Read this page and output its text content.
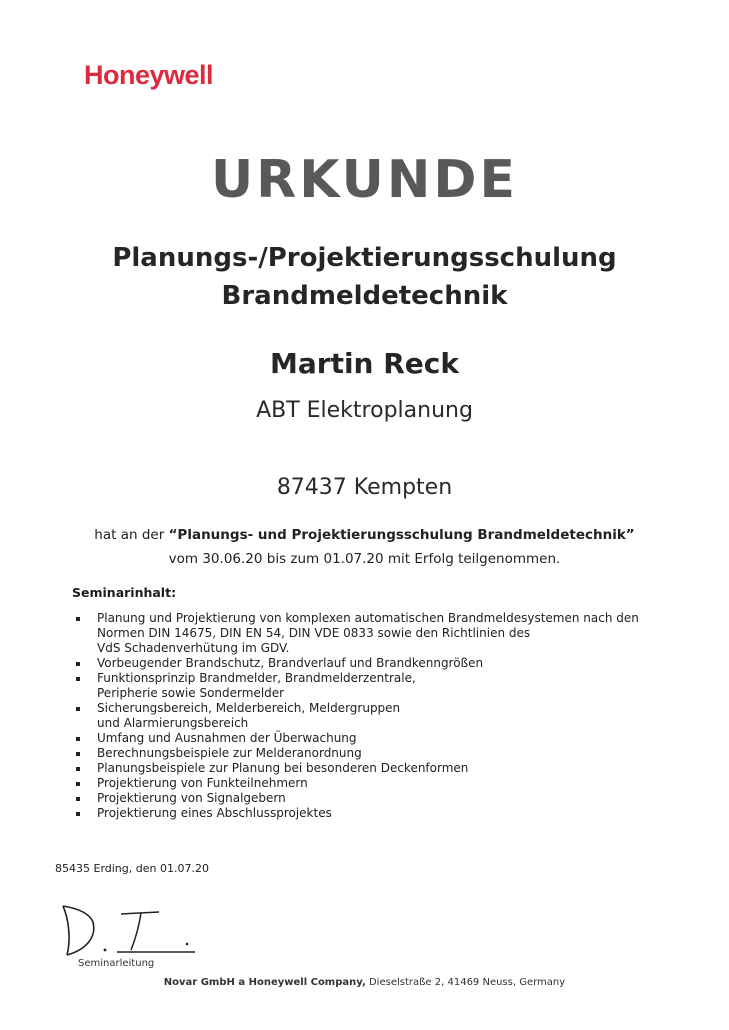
Honeywell
URKUNDE
Planungs-/Projektierungsschulung
Brandmeldetechnik
Martin Reck
ABT Elektroplanung
87437 Kempten
hat an der “Planungs- und Projektierungsschulung Brandmeldetechnik”
vom 30.06.20 bis zum 01.07.20 mit Erfolg teilgenommen.
Seminarinhalt:
Planung und Projektierung von komplexen automatischen Brandmeldesystemen nach den
Normen DIN 14675, DIN EN 54, DIN VDE 0833 sowie den Richtlinien des
VdS Schadenverhütung im GDV.
Vorbeugender Brandschutz, Brandverlauf und Brandkenngrößen
Funktionsprinzip Brandmelder, Brandmelderzentrale,
Peripherie sowie Sondermelder
Sicherungsbereich, Melderbereich, Meldergruppen
und Alarmierungsbereich
Umfang und Ausnahmen der Überwachung
Berechnungsbeispiele zur Melderanordnung
Planungsbeispiele zur Planung bei besonderen Deckenformen
Projektierung von Funkteilnehmern
Projektierung von Signalgebern
Projektierung eines Abschlussprojektes
85435 Erding, den 01.07.20
Seminarleitung
Novar GmbH a Honeywell Company, Dieselstraße 2, 41469 Neuss, Germany
